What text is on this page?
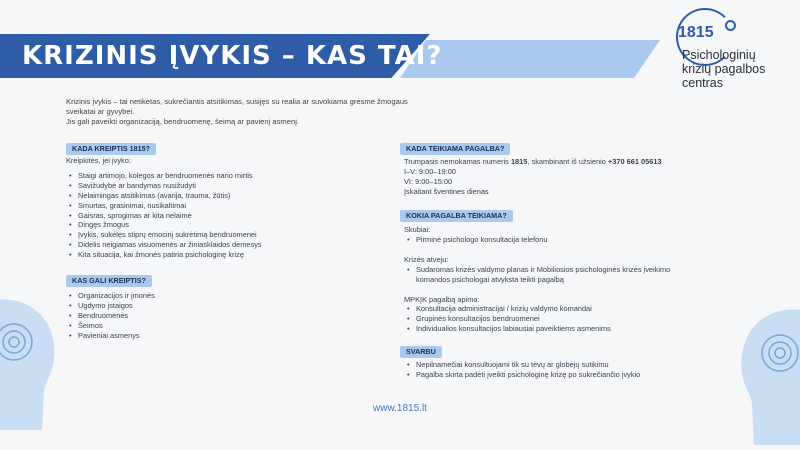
KRIZINIS ĮVYKIS – KAS TAI?
1815
Psichologinių
krizių pagalbos
centras
Krizinis įvykis – tai netikėtas, sukrečiantis atsitikimas, susijęs su realia ar suvokiama grėsme žmogaus
sveikatai ar gyvybei.
Jis gali paveikti organizaciją, bendruomenę, šeimą ar pavienį asmenį.
KADA KREIPTIS 1815?
Kreipkitės, jei įvyko:
• Staigi artimojo, kolegos ar bendruomenės nario mirtis
• Savižudybė ar bandymas nusižudyti
• Nelaimingas atsitikimas (avarija, trauma, žūtis)
• Smurtas, grasinimai, nusikaltimai
• Gaisras, sprogimas ar kita nelaimė
• Dingęs žmogus
• Įvykis, sukėlęs stiprų emocinį sukrėtimą bendruomenei
• Didelis neigiamas visuomenės ar žiniasklaidos dėmesys
• Kita situacija, kai žmonės patiria psichologinę krizę
KAS GALI KREIPTIS?
• Organizacijos ir įmonės
• Ugdymo įstaigos
• Bendruomenės
• Šeimos
• Pavieniai asmenys
KADA TEIKIAMA PAGALBA?
Trumpasis nemokamas numeris 1815, skambinant iš užsienio +370 661 05613
I–V: 9:00–19:00
VI: 9:00–15:00
Įskaitant šventines dienas
KOKIA PAGALBA TEIKIAMA?
Skubiai:
• Pirminė psichologo konsultacija telefonu
Krizės atveju:
• Sudaromas krizės valdymo planas ir Mobiliosios psichologinės krizės įveikimo komandos psichologai atvyksta teikti pagalbą
MPKĮK pagalbą apima:
• Konsultacija administracijai / krizių valdymo komandai
• Grupinės konsultacijos bendruomenei
• Individualios konsultacijos labiausiai paveiktiems asmenims
SVARBU
• Nepilnamečiai konsultuojami tik su tėvų ar globėjų sutikimu
• Pagalba skirta padėti įveikti psichologinę krizę po sukrečiančio įvykio
www.1815.lt
